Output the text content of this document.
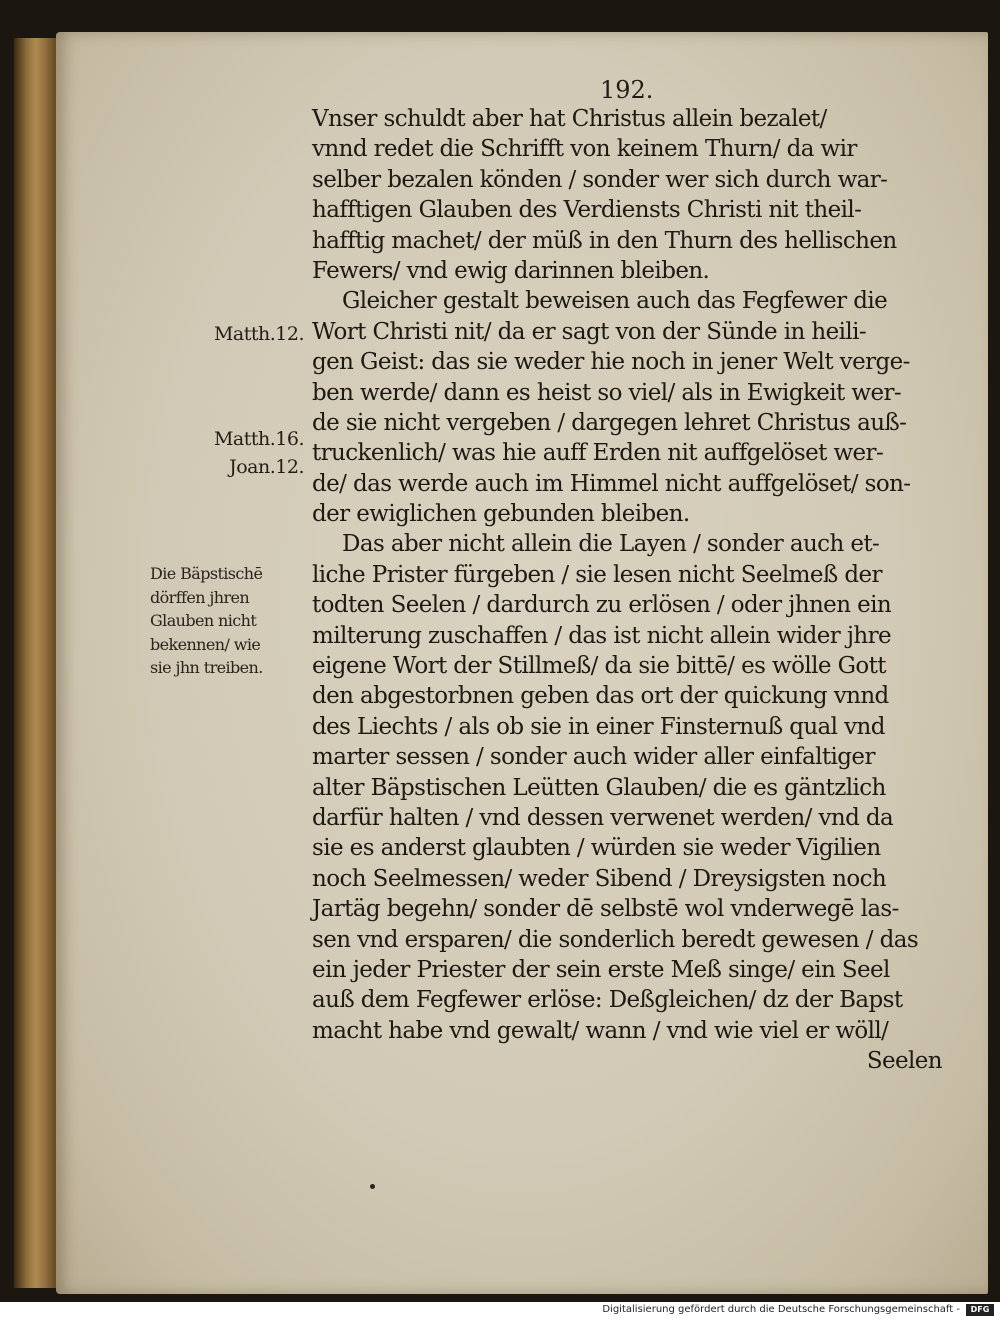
192.
Vnser schuldt aber hat Christus allein bezalet/
vnnd redet die Schrifft von keinem Thurn/ da wir
selber bezalen könden / sonder wer sich durch war-
hafftigen Glauben des Verdiensts Christi nit theil-
hafftig machet/ der müß in den Thurn des hellischen
Fewers/ vnd ewig darinnen bleiben.
Gleicher gestalt beweisen auch das Fegfewer die
Wort Christi nit/ da er sagt von der Sünde in heili-
gen Geist: das sie weder hie noch in jener Welt verge-
ben werde/ dann es heist so viel/ als in Ewigkeit wer-
de sie nicht vergeben / dargegen lehret Christus auß-
truckenlich/ was hie auff Erden nit auffgelöset wer-
de/ das werde auch im Himmel nicht auffgelöset/ son-
der ewiglichen gebunden bleiben.
Das aber nicht allein die Layen / sonder auch et-
liche Prister fürgeben / sie lesen nicht Seelmeß der
todten Seelen / dardurch zu erlösen / oder jhnen ein
milterung zuschaffen / das ist nicht allein wider jhre
eigene Wort der Stillmeß/ da sie bittē/ es wölle Gott
den abgestorbnen geben das ort der quickung vnnd
des Liechts / als ob sie in einer Finsternuß qual vnd
marter sessen / sonder auch wider aller einfaltiger
alter Bäpstischen Leütten Glauben/ die es gäntzlich
darfür halten / vnd dessen verwenet werden/ vnd da
sie es anderst glaubten / würden sie weder Vigilien
noch Seelmessen/ weder Sibend / Dreysigsten noch
Jartäg begehn/ sonder dē selbstē wol vnderwegē las-
sen vnd ersparen/ die sonderlich beredt gewesen / das
ein jeder Priester der sein erste Meß singe/ ein Seel
auß dem Fegfewer erlöse: Deßgleichen/ dz der Bapst
macht habe vnd gewalt/ wann / vnd wie viel er wöll/
Seelen
Matth.12.
Matth.16.
Joan.12.
Die Bäpstischē
dörffen jhren
Glauben nicht
bekennen/ wie
sie jhn treiben.
Digitalisierung gefördert durch die Deutsche Forschungsgemeinschaft -	DFG
